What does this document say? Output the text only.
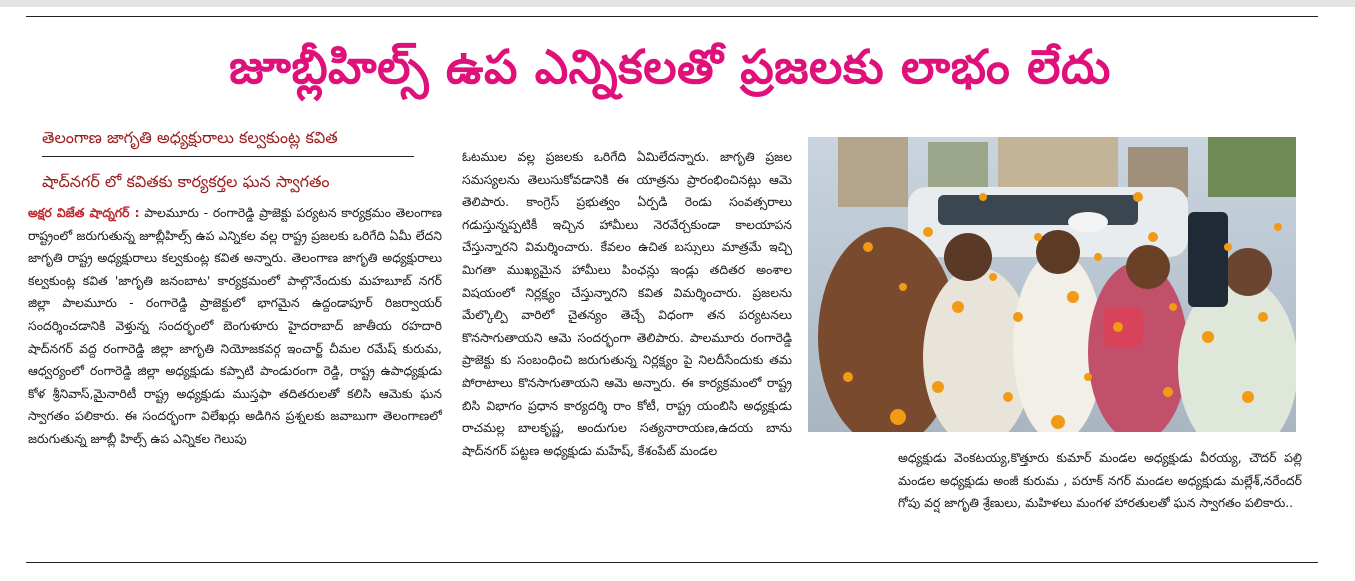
జూబ్లీహిల్స్ ఉప ఎన్నికలతో ప్రజలకు లాభం లేదు
తెలంగాణ జాగృతి అధ్యక్షురాలు కల్వకుంట్ల కవిత
షాద్‌నగర్ లో కవితకు కార్యకర్తల ఘన స్వాగతం

అక్షర విజేత షాద్నగర్ : పాలమూరు - రంగారెడ్డి ప్రాజెక్టు పర్యటన కార్యక్రమం తెలంగాణ రాష్ట్రంలో జరుగుతున్న జూబ్లీహిల్స్ ఉప ఎన్నికల వల్ల రాష్ట్ర ప్రజలకు ఒరిగేది ఏమీ లేదని జాగృతి రాష్ట్ర అధ్యక్షురాలు కల్వకుంట్ల కవిత అన్నారు. తెలంగాణ జాగృతి అధ్యక్షురాలు కల్వకుంట్ల కవిత 'జాగృతి జనంబాట' కార్యక్రమంలో పాల్గొనేందుకు మహబూబ్ నగర్ జిల్లా పాలమూరు - రంగారెడ్డి ప్రాజెక్టులో భాగమైన ఉద్దండాపూర్ రిజర్వాయర్ సందర్శించడానికి వెళ్తున్న సందర్భంలో బెంగుళూరు హైదరాబాద్ జాతీయ రహదారి షాద్‌నగర్ వద్ద రంగారెడ్డి జిల్లా జాగృతి నియోజకవర్గ ఇంచార్జ్ చీమల రమేష్ కురుమ, ఆధ్వర్యంలో రంగారెడ్డి జిల్లా అధ్యక్షుడు కప్పాటి పాండురంగా రెడ్డి, రాష్ట్ర ఉపాధ్యక్షుడు కోళ శ్రీనివాస్,మైనారిటీ రాష్ట్ర అధ్యక్షుడు ముస్తఫా తదితరులతో కలిసి ఆమెకు ఘన స్వాగతం పలికారు. ఈ సందర్భంగా విలేఖర్లు అడిగిన ప్రశ్నలకు జవాబుగా తెలంగాణలో జరుగుతున్న జూబ్లీ హిల్స్ ఉప ఎన్నికల గెలుపు

ఓటముల వల్ల ప్రజలకు ఒరిగేది ఏమిలేదన్నారు. జాగృతి ప్రజల సమస్యలను తెలుసుకోవడానికి ఈ యాత్రను ప్రారంభించినట్లు ఆమె తెలిపారు. కాంగ్రెస్ ప్రభుత్వం ఏర్పడి రెండు సంవత్సరాలు గడుస్తున్నప్పటికీ ఇచ్చిన హామీలు నెరవేర్చకుండా కాలయాపన చేస్తున్నారని విమర్శించారు. కేవలం ఉచిత బస్సులు మాత్రమే ఇచ్చి మిగతా ముఖ్యమైన హామీలు పింఛన్లు ఇండ్లు తదితర అంశాల విషయంలో నిర్లక్ష్యం చేస్తున్నారని కవిత విమర్శించారు. ప్రజలను మేల్కొల్పి వారిలో చైతన్యం తెచ్చే విధంగా తన పర్యటనలు కొనసాగుతాయని ఆమె సందర్భంగా తెలిపారు. పాలమూరు రంగారెడ్డి ప్రాజెక్టు కు సంబంధించి జరుగుతున్న నిర్లక్ష్యం పై నిలదీసేందుకు తమ పోరాటాలు కొనసాగుతాయని ఆమె అన్నారు. ఈ కార్యక్రమంలో రాష్ట్ర బిసి విభాగం ప్రధాన కార్యదర్శి రాం కోటీ, రాష్ట్ర యంబిసి అధ్యక్షుడు రాచమల్ల బాలకృష్ణ, అందుగుల సత్యనారాయణ,ఉదయ బాను షాద్‌నగర్ పట్టణ అధ్యక్షుడు మహేష్, కేశంపేట్ మండల	అధ్యక్షుడు వెంకటయ్య,కొత్తూరు కుమార్ మండల అధ్యక్షుడు వీరయ్య, చౌదర్ పల్లి మండల అధ్యక్షుడు అంజీ కురుమ , పరూక్ నగర్ మండల అధ్యక్షుడు మల్లేశ్,నరేందర్ గోపు వర్ష జాగృతి శ్రేణులు, మహిళలు మంగళ హారతులతో ఘన స్వాగతం పలికారు..
